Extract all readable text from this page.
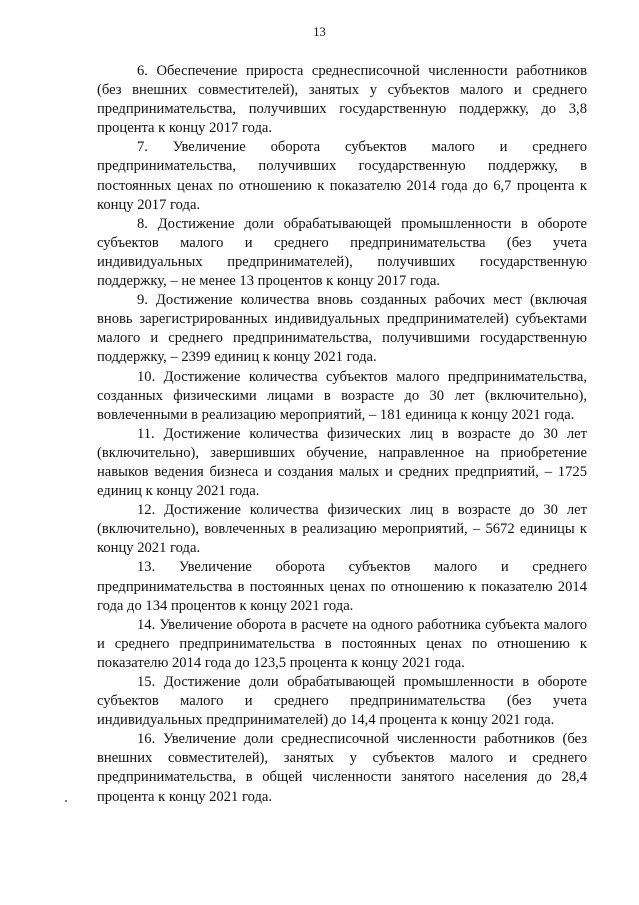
13

6. Обеспечение прироста среднесписочной численности работников (без внешних совместителей), занятых у субъектов малого и среднего предпринимательства, получивших государственную поддержку, до 3,8 процента к концу 2017 года.

7. Увеличение оборота субъектов малого и среднего предпринимательства, получивших государственную поддержку, в постоянных ценах по отношению к показателю 2014 года до 6,7 процента к концу 2017 года.

8. Достижение доли обрабатывающей промышленности в обороте субъектов малого и среднего предпринимательства (без учета индивидуальных предпринимателей), получивших государственную поддержку, – не менее 13 процентов к концу 2017 года.

9. Достижение количества вновь созданных рабочих мест (включая вновь зарегистрированных индивидуальных предпринимателей) субъектами малого и среднего предпринимательства, получившими государственную поддержку, – 2399 единиц к концу 2021 года.

10. Достижение количества субъектов малого предпринимательства, созданных физическими лицами в возрасте до 30 лет (включительно), вовлеченными в реализацию мероприятий, – 181 единица к концу 2021 года.

11. Достижение количества физических лиц в возрасте до 30 лет (включительно), завершивших обучение, направленное на приобретение навыков ведения бизнеса и создания малых и средних предприятий, – 1725 единиц к концу 2021 года.

12. Достижение количества физических лиц в возрасте до 30 лет (включительно), вовлеченных в реализацию мероприятий, – 5672 единицы к концу 2021 года.

13. Увеличение оборота субъектов малого и среднего предпринимательства в постоянных ценах по отношению к показателю 2014 года до 134 процентов к концу 2021 года.

14. Увеличение оборота в расчете на одного работника субъекта малого и среднего предпринимательства в постоянных ценах по отношению к показателю 2014 года до 123,5 процента к концу 2021 года.

15. Достижение доли обрабатывающей промышленности в обороте субъектов малого и среднего предпринимательства (без учета индивидуальных предпринимателей) до 14,4 процента к концу 2021 года.

16. Увеличение доли среднесписочной численности работников (без внешних совместителей), занятых у субъектов малого и среднего предпринимательства, в общей численности занятого населения до 28,4 процента к концу 2021 года.
